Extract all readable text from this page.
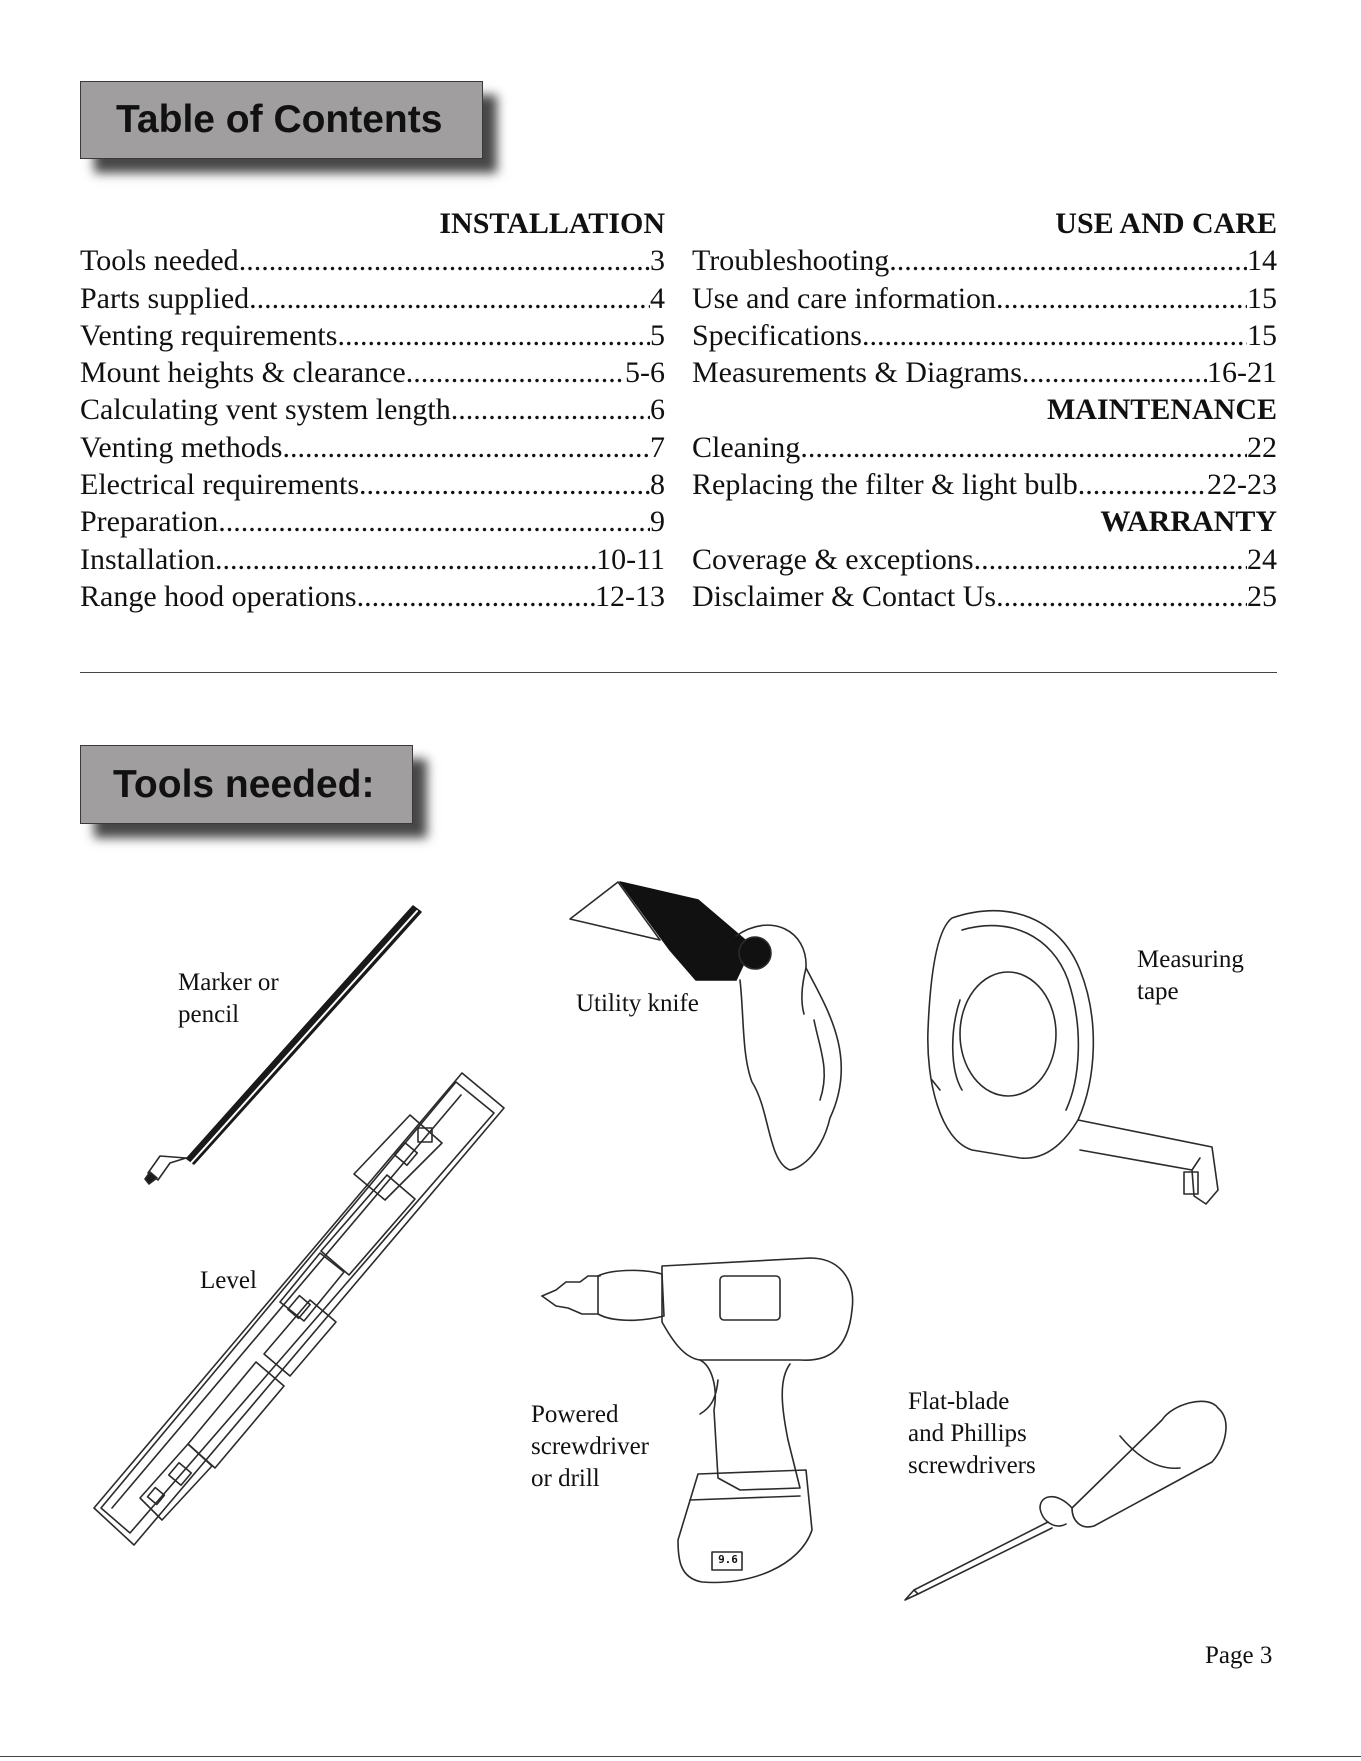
Table of Contents
INSTALLATION
Tools needed .....	3
Parts supplied .....	4
Venting requirements .....	5
Mount heights & clearance .....	5-6
Calculating vent system length .....	6
Venting methods .....	7
Electrical requirements .....	8
Preparation .....	9
Installation .....	10-11
Range hood operations .....	12-13
USE AND CARE
Troubleshooting .....	14
Use and care information .....	15
Specifications .....	15
Measurements & Diagrams .....	16-21
MAINTENANCE
Cleaning .....	22
Replacing the filter & light bulb .....	22-23
WARRANTY
Coverage & exceptions .....	24
Disclaimer & Contact Us .....	25
Tools needed:
Marker or
pencil	Utility knife
Measuring
tape
Level
Powered
screwdriver
or drill
Flat-blade
and Phillips
screwdrivers
9.6
Page 3
